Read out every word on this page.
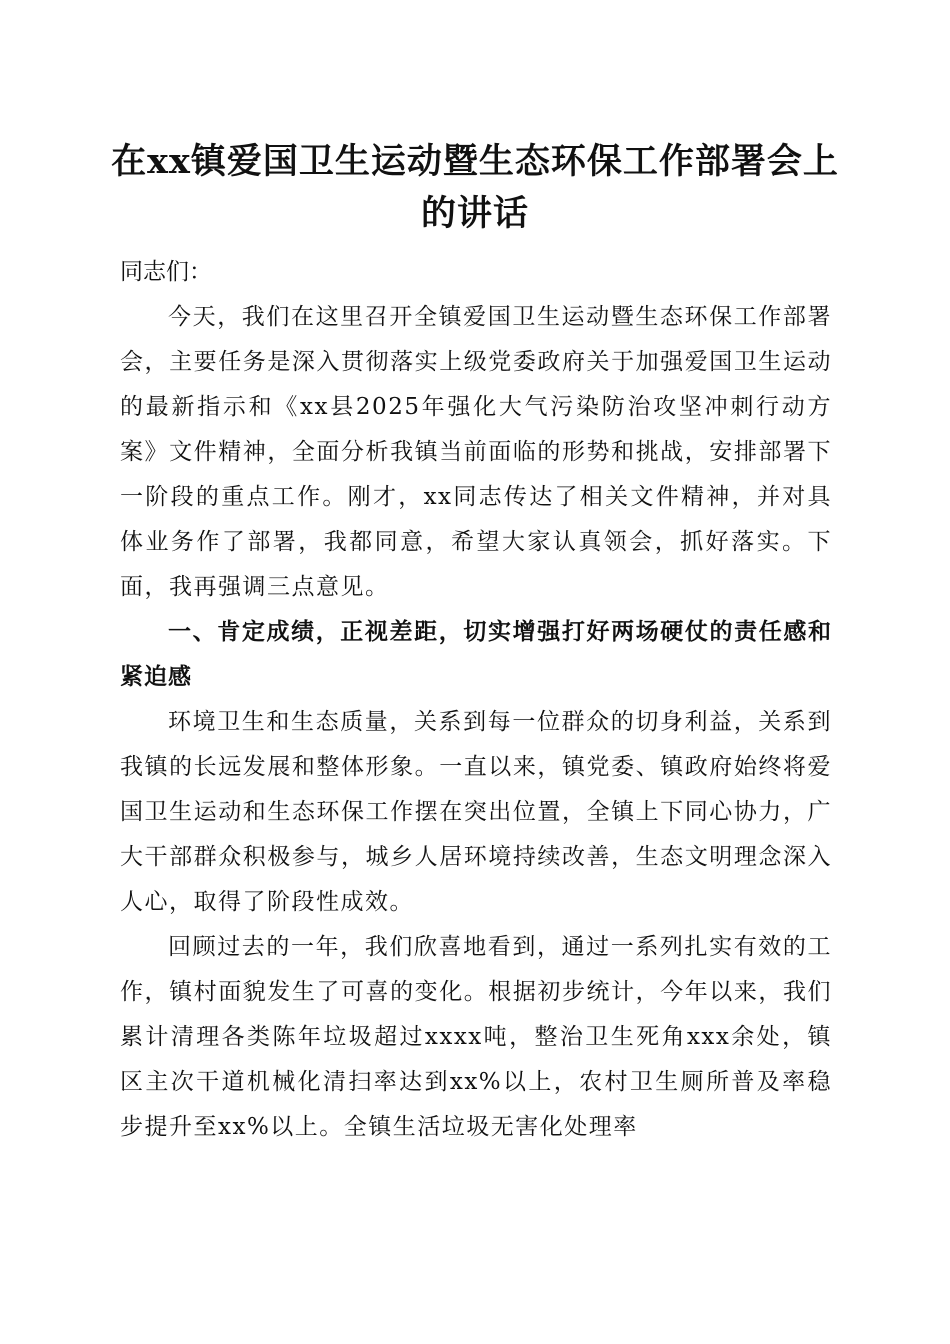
在xx镇爱国卫生运动暨生态环保工作部署会上的讲话

同志们：

今天，我们在这里召开全镇爱国卫生运动暨生态环保工作部署会，主要任务是深入贯彻落实上级党委政府关于加强爱国卫生运动的最新指示和《xx县2025年强化大气污染防治攻坚冲刺行动方案》文件精神，全面分析我镇当前面临的形势和挑战，安排部署下一阶段的重点工作。刚才，xx同志传达了相关文件精神，并对具体业务作了部署，我都同意，希望大家认真领会，抓好落实。下面，我再强调三点意见。

一、肯定成绩，正视差距，切实增强打好两场硬仗的责任感和紧迫感

环境卫生和生态质量，关系到每一位群众的切身利益，关系到我镇的长远发展和整体形象。一直以来，镇党委、镇政府始终将爱国卫生运动和生态环保工作摆在突出位置，全镇上下同心协力，广大干部群众积极参与，城乡人居环境持续改善，生态文明理念深入人心，取得了阶段性成效。

回顾过去的一年，我们欣喜地看到，通过一系列扎实有效的工作，镇村面貌发生了可喜的变化。根据初步统计，今年以来，我们累计清理各类陈年垃圾超过xxxx吨，整治卫生死角xxx余处，镇区主次干道机械化清扫率达到xx%以上，农村卫生厕所普及率稳步提升至xx%以上。全镇生活垃圾无害化处理率
